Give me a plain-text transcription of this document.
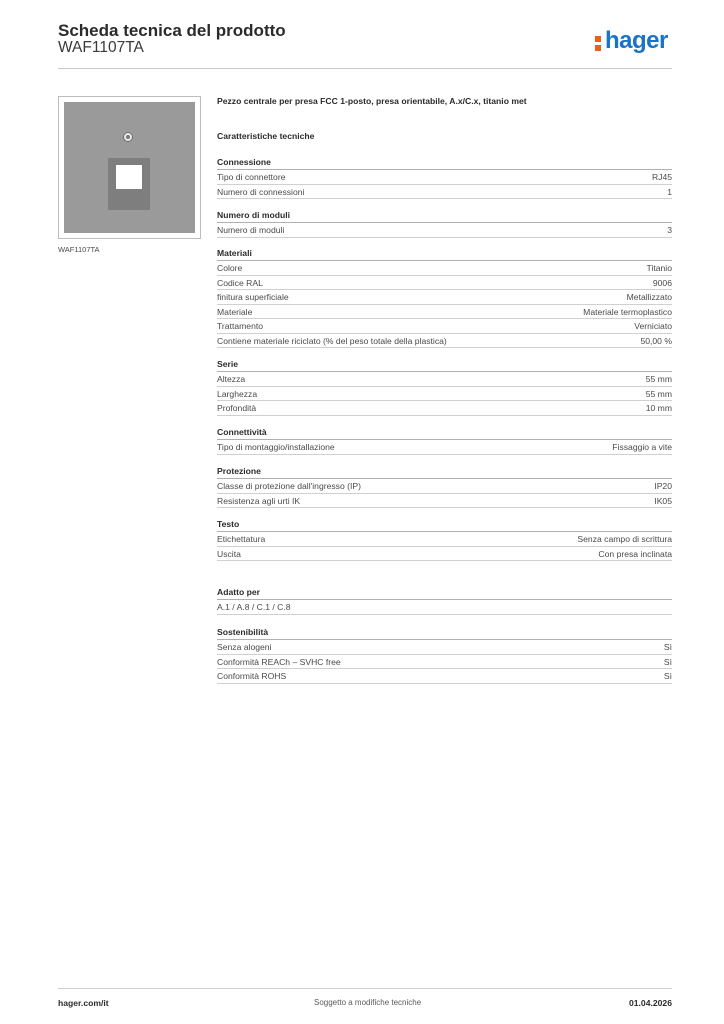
Scheda tecnica del prodotto
WAF1107TA	hager
WAF1107TA
Pezzo centrale per presa FCC 1-posto, presa orientabile, A.x/C.x, titanio met
Caratteristiche tecniche
Connessione
Tipo di connettore	RJ45
Numero di connessioni	1
Numero di moduli
Numero di moduli	3
Materiali
Colore	Titanio
Codice RAL	9006
finitura superficiale	Metallizzato
Materiale	Materiale termoplastico
Trattamento	Verniciato
Contiene materiale riciclato (% del peso totale della plastica)	50,00 %
Serie
Altezza	55 mm
Larghezza	55 mm
Profondità	10 mm
Connettività
Tipo di montaggio/installazione	Fissaggio a vite
Protezione
Classe di protezione dall'ingresso (IP)	IP20
Resistenza agli urti IK	IK05
Testo
Etichettatura	Senza campo di scrittura
Uscita	Con presa inclinata
Adatto per
A.1 / A.8 / C.1 / C.8
Sostenibilità
Senza alogeni	Sì
Conformità REACh – SVHC free	Sì
Conformità ROHS	Sì
hager.com/it	Soggetto a modifiche tecniche	01.04.2026
